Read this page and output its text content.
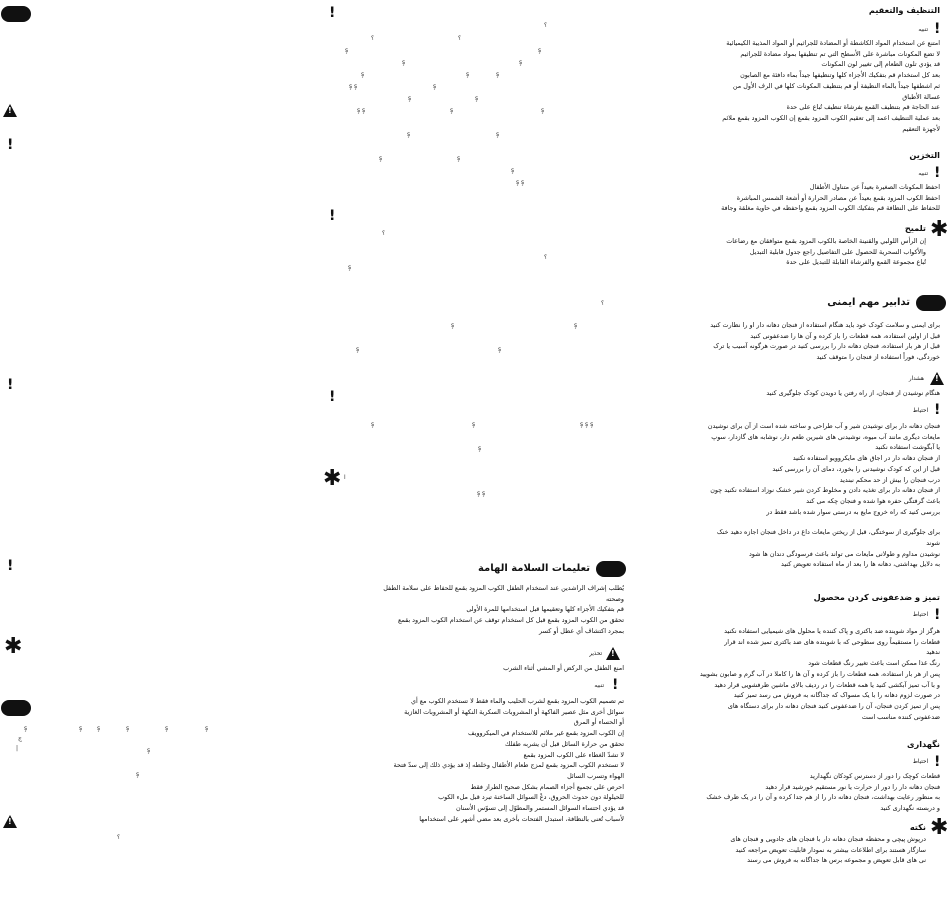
!
!
!
!
✱
!
!
!
!
✱ ا
؟
؟	؟
ş	ş
ş	ş
ş	ş	ş
ş ş	ş
ş	ş
ş ş	ş	ş
ş	ş
ş	ş
ş
ş ş
؟
؟
ş
؟
ş	ş
ş	ş
ş	ş	ş ş ş
ş
ş ş
ş	ş ş	ş	ş	ş
ج
|	ş
ş
؟
التنظيف والتعقيم
!
تنبيه
امتنع عن استخدام المواد الكاشطة أو المضادة للجراثيم أو المواد المذيبة الكيميائية
لا تضع المكونات مباشرة على الأسطح التي تم تنظيفها بمواد مضادة للجراثيم
قد يؤدي تلون الطعام إلى تغيير لون المكونات
بعد كل استخدام قم بتفكيك الأجزاء كلها وتنظيفها جيداً بماء دافئة مع الصابون
ثم اشطفها جيداً بالماء النظيفة أو قم بتنظيف المكونات كلها في الرف الأول من
غسالة الأطباق
عند الحاجة قم بتنظيف القمع بفرشاة تنظيف تُباع على حدة
بعد عملية التنظيف اعمد إلى تعقيم الكوب المزود بقمع إن الكوب المزود بقمع ملائم
لأجهزة التعقيم
التخزين
!
تنبيه
احفظ المكونات الصغيرة بعيداً عن متناول الأطفال
احفظ الكوب المزود بقمع بعيداً عن مصادر الحرارة أو أشعة الشمس المباشرة
للحفاظ على النظافة قم بتفكيك الكوب المزود بقمع واحفظه في حاوية مغلقة وجافة
✱
تلميح
إن الرأس اللولبي والقنينة الخاصة بالكوب المزود بقمع متوافقان مع رضاعات
والأكواب السحرية للحصول على التفاصيل راجع جدول قابلية التبديل
تُباع مجموعة القمع والفرشاة القابلة للتبديل على حدة
تدابیر مهم ایمنی
برای ایمنی و سلامت کودک خود باید هنگام استفاده از فنجان دهانه دار او را نظارت کنید
قبل از اولین استفاده، همه قطعات را باز کرده و آن ها را ضدعفونی کنید
قبل از هر بار استفاده، فنجان دهانه دار را بررسی کنید در صورت هرگونه آسیب یا ترک
خوردگی، فوراً استفاده از فنجان را متوقف کنید
!
هشدار
هنگام نوشیدن از فنجان، از راه رفتن یا دویدن کودک جلوگیری کنید
!
احتیاط
فنجان دهانه دار برای نوشیدن شیر و آب طراحی و ساخته شده است از آن برای نوشیدن
مایعات دیگری مانند آب میوه، نوشیدنی های شیرین طعم دار، نوشابه های گازدار، سوپ
یا آبگوشت استفاده نکنید
از فنجان دهانه دار در اجاق های مایکروویو استفاده نکنید
قبل از این که کودک نوشیدنی را بخورد، دمای آن را بررسی کنید
درب فنجان را بیش از حد محکم نبندید
از فنجان دهانه دار برای تغذیه دادن و مخلوط کردن شیر خشک نوزاد استفاده نکنید چون
باعث گرفتگی حفره هوا شده و فنجان چکه می کند
بررسی کنید که راه خروج مایع به درستی سوار شده باشد فقط در
برای جلوگیری از سوختگی، قبل از ریختن مایعات داغ در داخل فنجان اجازه دهید خنک
شوند
نوشیدن مداوم و طولانی مایعات می تواند باعث فرسودگی دندان ها شود
به دلایل بهداشتی، دهانه ها را بعد از ماه استفاده تعویض کنید
تمیز و ضدعفونی کردن محصول
!
احتیاط
هرگز از مواد شوینده ضد باکتری و پاک کننده یا محلول های شیمیایی استفاده نکنید
قطعات را مستقیماً روی سطوحی که با شوینده های ضد باکتری تمیز شده اند قرار
ندهید
رنگ غذا ممکن است باعث تغییر رنگ قطعات شود
پس از هر بار استفاده، همه قطعات را باز کرده و آن ها را کاملا در آب گرم و صابون بشویید
و با آب تمیز آبکشی کنید یا همه قطعات را در ردیف بالای ماشین ظرفشویی قرار دهید
در صورت لزوم دهانه را با یک مسواک که جداگانه به فروش می رسد تمیز کنید
پس از تمیز کردن فنجان، آن را ضدعفونی کنید فنجان دهانه دار برای دستگاه های
ضدعفونی کننده مناسب است
نگهداری
!
احتیاط
قطعات کوچک را دور از دسترس کودکان نگهدارید
فنجان دهانه دار را دور از حرارت یا نور مستقیم خورشید قرار دهید
به منظور رعایت بهداشت، فنجان دهانه دار را از هم جدا کرده و آن را در یک ظرف خشک
و دربسته نگهداری کنید
✱
نکته
درپوش پیچی و محفظه فنجان دهانه دار با فنجان های جادویی و فنجان های
سازگار هستند برای اطلاعات بیشتر به نمودار قابلیت تعویض مراجعه کنید
نی های قابل تعویض و مجموعه برس ها جداگانه به فروش می رسند
تعليمات السلامة الهامة
يُطلب إشراف الراشدين عند استخدام الطفل الكوب المزود بقمع للحفاظ على سلامة الطفل
وصحته
قم بتفكيك الأجزاء كلها وتعقيمها قبل استخدامها للمرة الأولى
تحقق من الكوب المزود بقمع قبل كل استخدام توقف عن استخدام الكوب المزود بقمع
بمجرد اكتشاف أي عطل أو كسر
!
تحذير
امنع الطفل من الركض أو المشي أثناء الشرب
!
تنبيه
تم تصميم الكوب المزود بقمع لشرب الحليب والماء فقط لا تستخدم الكوب مع أي
سوائل أخرى مثل عصير الفاكهة أو المشروبات السكرية النكهة أو المشروبات الغازية
أو الحساء أو المرق
إن الكوب المزود بقمع غير ملائم للاستخدام في الميكروويف
تحقق من حرارة السائل قبل أن يشربه طفلك
لا تشدّ الغطاء على الكوب المزود بقمع
لا تستخدم الكوب المزود بقمع لمزج طعام الأطفال وخلطه إذ قد يؤدي ذلك إلى سدّ فتحة
الهواء وتسرب السائل
احرص على تجميع أجزاء الصمام بشكل صحيح الطراز فقط
للحيلولة دون حدوث الحروق، دعْ السوائل الساخنة تبرد قبل ملء الكوب
قد يؤدي احتساء السوائل المستمر والمطوّل إلى تسوّس الأسنان
لأسباب تُعنى بالنظافة، استبدل الفتحات بأخرى بعد مضي أشهر على استخدامها
